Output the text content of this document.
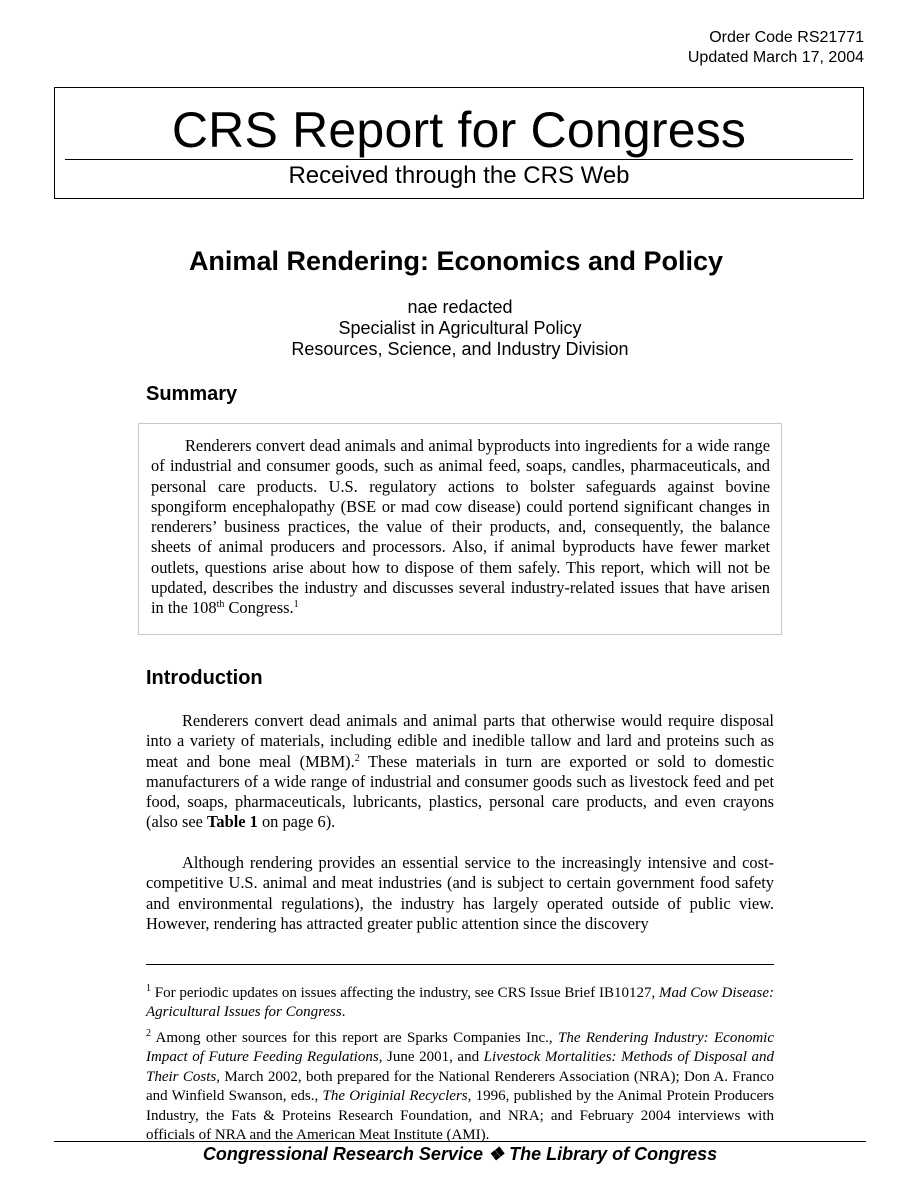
Order Code RS21771
Updated March 17, 2004
CRS Report for Congress
Received through the CRS Web
Animal Rendering: Economics and Policy
nae redacted
Specialist in Agricultural Policy
Resources, Science, and Industry Division
Summary

Renderers convert dead animals and animal byproducts into ingredients for a wide range of industrial and consumer goods, such as animal feed, soaps, candles, pharmaceuticals, and personal care products. U.S. regulatory actions to bolster safeguards against bovine spongiform encephalopathy (BSE or mad cow disease) could portend significant changes in renderers’ business practices, the value of their products, and, consequently, the balance sheets of animal producers and processors. Also, if animal byproducts have fewer market outlets, questions arise about how to dispose of them safely. This report, which will not be updated, describes the industry and discusses several industry-related issues that have arisen in the 108th Congress.$^1$

Introduction

Renderers convert dead animals and animal parts that otherwise would require disposal into a variety of materials, including edible and inedible tallow and lard and proteins such as meat and bone meal (MBM).$^2$ These materials in turn are exported or sold to domestic manufacturers of a wide range of industrial and consumer goods such as livestock feed and pet food, soaps, pharmaceuticals, lubricants, plastics, personal care products, and even crayons (also see Table 1 on page 6).

Although rendering provides an essential service to the increasingly intensive and cost-competitive U.S. animal and meat industries (and is subject to certain government food safety and environmental regulations), the industry has largely operated outside of public view. However, rendering has attracted greater public attention since the discovery

$^1$ For periodic updates on issues affecting the industry, see CRS Issue Brief IB10127, Mad Cow Disease: Agricultural Issues for Congress.

$^2$ Among other sources for this report are Sparks Companies Inc., The Rendering Industry: Economic Impact of Future Feeding Regulations, June 2001, and Livestock Mortalities: Methods of Disposal and Their Costs, March 2002, both prepared for the National Renderers Association (NRA); Don A. Franco and Winfield Swanson, eds., The Originial Recyclers, 1996, published by the Animal Protein Producers Industry, the Fats & Proteins Research Foundation, and NRA; and February 2004 interviews with officials of NRA and the American Meat Institute (AMI).

Congressional Research Service ❖ The Library of Congress
